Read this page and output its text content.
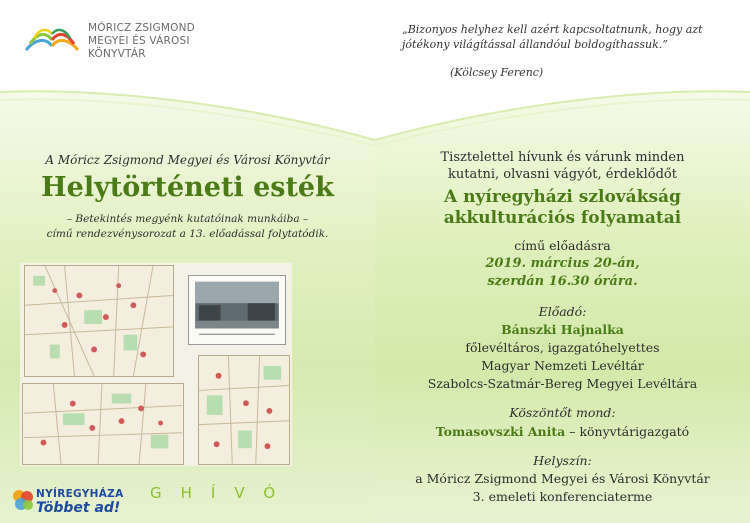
MÓRICZ ZSIGMOND
MEGYEI ÉS VÁROSI
KÖNYVTÁR
„Bizonyos helyhez kell azért kapcsoltatnunk, hogy azt jótékony világítással állandóul boldogíthassuk.”
(Kölcsey Ferenc)
A Móricz Zsigmond Megyei és Városi Könyvtár
Helytörténeti esték
– Betekintés megyénk kutatóinak munkáiba –
című rendezvénysorozat a 13. előadással folytatódik.
GHÍVÓ
NYÍREGYHÁZA
Többet ad!
Tisztelettel hívunk és várunk minden
kutatni, olvasni vágyót, érdeklődőt
A nyíregyházi szlovákság
akkulturációs folyamatai
című előadásra
2019. március 20-án,
szerdán 16.30 órára.
Előadó:
Bánszki Hajnalka
főlevéltáros, igazgatóhelyettes
Magyar Nemzeti Levéltár
Szabolcs-Szatmár-Bereg Megyei Levéltára
Köszöntőt mond:
Tomasovszki Anita – könyvtárigazgató
Helyszín:
a Móricz Zsigmond Megyei és Városi Könyvtár
3. emeleti konferenciaterme
